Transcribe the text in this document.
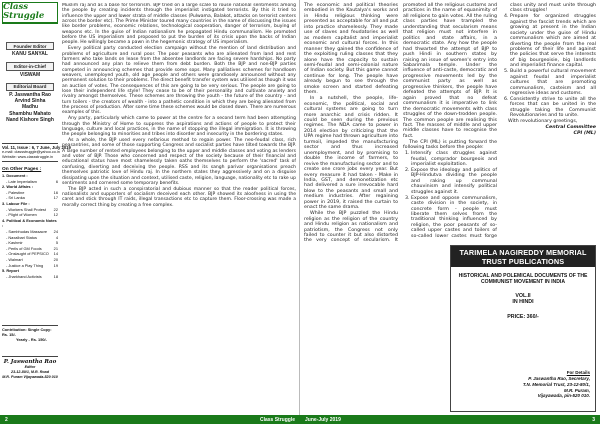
Class Struggle
Founder Editor
KANU SANYAL
Editor-in-Chief
VISWAM
Editorial Board
P. Jaswantha Rao
Arvind Sinha
Madhu
Shambhu Mahato
Nand Kishore Singh
Vol. 11, Issue : 6, 7 June, July 2019
e-mail: classstruggle@yahoo.co.in
Website: www.classstruggle.in
On Other Pages :
1. Document :
- Late Imperialism	6
2. World Affairs :
- Palestine	16
- Sri Lanka	17
3. Labour File :
- Workers Shall Protest 22
- Plight of Women	12
4. Political & Economic Notes :
- Sambhudas Massacre 24
- Naxalbari Status	4
- Kashmir	5
- Perils of GM Foods	21
- Onslaught of PEPSICO 14
- Walmart	20
- Justice a Play Thing	19
5. Report
- Jharkhand Activists	18
Contribution: Single Copy: Rs. 15/-
Yearly - Rs. 150/-
P. Jaswantha Rao
Editor
23-12-80/1, M.R. Road
M.R. Puram Vijayawada-520 010

Muslim raj and as a base for terrorism. BJP tried on a large scale to rouse national sentiments among the people by creating incidents through the imperialist instigated terrorists. By this it tried to influence the upper and lower strata of middle classes (Pulwama, Balakot, attacks on terrorist centers across the border etc). The Prime Minister toured many countries in the name of discussing the issues like border problems, economic relations, technological cooperation, danger of terrorism, buying of weapons etc. In the guise of Indian nationalism he propagated Hindu communalism. He promoted before the US imperialism and proposed to put the burden of its crisis upon the backs of Indian people. He willingly became a pawn in the hegemonic strategy of US imperialism.

Every political party conducted election campaign without the mention of land distribution and problems of agriculture and rural poor. The poor peasants who are alienated from land and rent farmers who take lands on lease from the absentee landlords are facing severe hardships. No party had announced any plan to relieve them from debt burden. Both the BJP and non-BJP parties competed in announcing schemes that provide some sops. Many palliatives schemes for handloom weavers, unemployed youth, old age people and others were grandiosely announced without any permanent solution to their problems. The direct benefit transfer system was utilised as though it was an auction of votes. The consequences of this are going to be very serious. The people are going to lose their independent life style! They cease to be of their personality and cultivate anxiety and rivalry amongst themselves. These schemes are throwing the youth - the future of the country - and turn toilers - the creators of wealth - into a pathetic condition in which they are being alienated from the process of production. After some time these schemes would be closed down. There are numerous examples of this.

Any party, particularly which came to power at the centre for a second term had been attempting through the Ministry of Home to suppress the aspirations and actions of people to protect their language, culture and local practices, in the name of stopping the illegal immigration. It is throwing the people belonging to minorities and tribes into disorder and insecurity in the bordering states.

As a whole, the BJP used every nefarious method to regain power. The neo-feudal class, rich peasantries, and some of those supporting Congress and socialist parties have tilted towards the BJP. A large number of rented employees belonging to the upper and middle classes and voting as lenders and voter of BJP. Those who concerned and respect of the society because of their financial and educational status have most shamelessly taken oaths themselves to perform the 'sacred' task of confusing, diverting and deceiving the people. RSS and its sangh parivar organisations preach themselves patriotic love of Hindu raj. In the northern states they aggressively and on a disguise dissipating upon the situation and context, utilised caste, religion, language, nationality etc to rake up sentiments and cornered some temporary benefits.

The BJP acted in such a conspiratorial and dubious manner so that the reader political forces, nationalists and supporters of socialism deceived each other. BJP showed its aloofness in using the caret and stick through IT raids, illegal transactions etc to capture them. Floor-crossing was made a morally correct thing by creating a free complex.

2	Class Struggle

The economic and political theories embodied in the Kautalya's works and in Hindu religious thinking were presented as acceptable for all and put into practice shamelessly. They made use of slaves and feudatories as well as modern capitalist and imperialist economic and cultural forces. In this manner they gained the confidence of the exploiting ruling classes that they alone have the capacity to sustain semi-feudal and semi-colonial nature of Indian society. But this game cannot continue for long. The people have already begun to see through the smoke screen and started defeating them.

In a nutshell, the people, life-economic, the political, social and cultural systems are going to turn more anarchic and crisis ridden. It could be seen during the previous regimes. The NDA came to power in 2014 election by criticizing that the UPA regime had thrown agriculture into turmoil, impeded the manufacturing sector and thus increased unemployment, and by promising to double the income of farmers, to revive the manufacturing sector and to create one crore jobs every year. But every measure it had taken - Make in India, GST, and demonetization etc had delivered a sure irrevocable hard blow to the peasants and small and medium industries. After regaining power in 2019, it raised the curtain to enact the same drama.

While the BJP puzzled the Hindu religion as the religion of the country and Hindu religion as nationalism and patriotism, the Congress not only failed to counter it but also distorted the very concept of secularism. It promoted all the religious customs and practices in the name of equanimity of all religions to gain votes. All the ruling class parties have trampled the understanding that secularism means that religion must not interfere in politics and state affairs, in a democratic state. Any how the people had thwarted the attempt of BJP to push Hindi in southern states by raising an issue of women's entry into Sabarimala temple. Under the influence of anti-caste, democratic and progressive movements led by the communist party as well as progressive thinkers, the people have defeated the attempts of BJP. It is again proved that no defeat communalism it is imperative to link the democratic movements with class struggles of the down-trodden people. The common people are realising this fact. The masses of middle and upper middle classes have to recognise the fact.

The CPI (ML) is putting forward the following tasks before the people:

1. Intensify class struggles against feudal, comprador bourgeois and imperialist exploitation.
2. Expose the ideology and politics of BJP-Hindutva dividing the people and raking up communal chauvinism and intensify political struggles against it.
3. Expose and oppose communalism, caste division in the society, in concrete form - people must liberate them selves from the traditional thinking influenced by religion, the poor peasants of so-called upper castes and toilers of so-called lower castes must forge class unity and must unite through class struggles!
4. Prepare for organized struggles against the fascist trends which are growing at present in the Indian society under the guise of Hindu communalism which are aimed at diverting the people from the real problems of their life and against the policies that serve the interests of big bourgeoisie, big landlords and imperialist finance capital.
5. Build a powerful cultural movement against feudal and imperialist cultures that are promoting communalism, casteism and all regressive ideas and customs.
6. Consistently strive to unite all the forces that can be united in the struggle taking the Communist Revolutionaries and to unite.

With revolutionary greetings,

Central Committee

CPI (ML)

TARIMELA NAGIREDDY MEMORIAL TRUST PUBLICATIONS
HISTORICAL AND POLEMICAL DOCUMENTS OF THE COMMUNIST MOVEMENT IN INDIA
VOL.II
IN HINDI
PRICE: 360/-
For Details
P. Jaswantha Rao, Secretary,
T.N. Memorial Trust, 23-12-80/1,
M.R. Puram,
Vijayawada, pin-520 010.
June-July 2019	3
